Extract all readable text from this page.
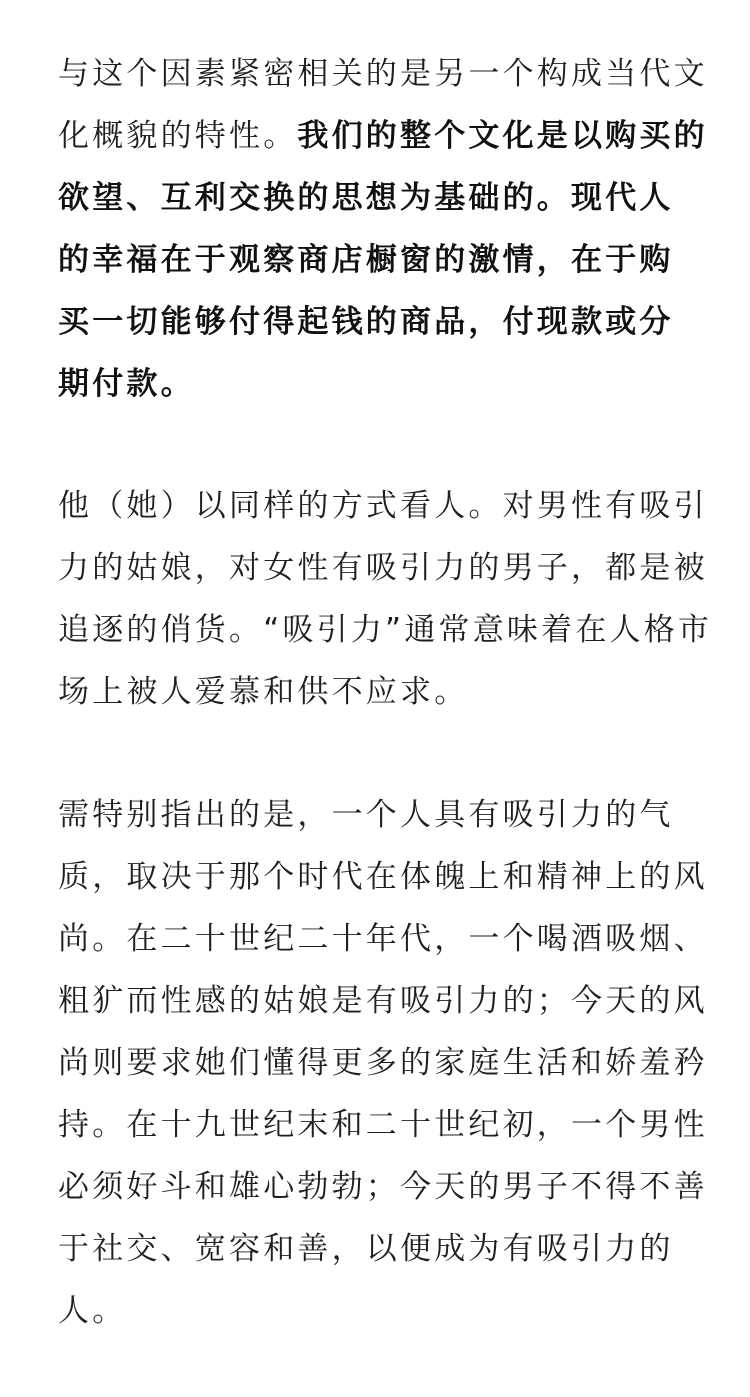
与这个因素紧密相关的是另一个构成当代文
化概貌的特性。我们的整个文化是以购买的
欲望、互利交换的思想为基础的。现代人
的幸福在于观察商店橱窗的激情，在于购
买一切能够付得起钱的商品，付现款或分
期付款。

他（她）以同样的方式看人。对男性有吸引
力的姑娘，对女性有吸引力的男子，都是被
追逐的俏货。“吸引力”通常意味着在人格市
场上被人爱慕和供不应求。

需特别指出的是，一个人具有吸引力的气
质，取决于那个时代在体魄上和精神上的风
尚。在二十世纪二十年代，一个喝酒吸烟、
粗犷而性感的姑娘是有吸引力的；今天的风
尚则要求她们懂得更多的家庭生活和娇羞矜
持。在十九世纪末和二十世纪初，一个男性
必须好斗和雄心勃勃；今天的男子不得不善
于社交、宽容和善，以便成为有吸引力的
人。
